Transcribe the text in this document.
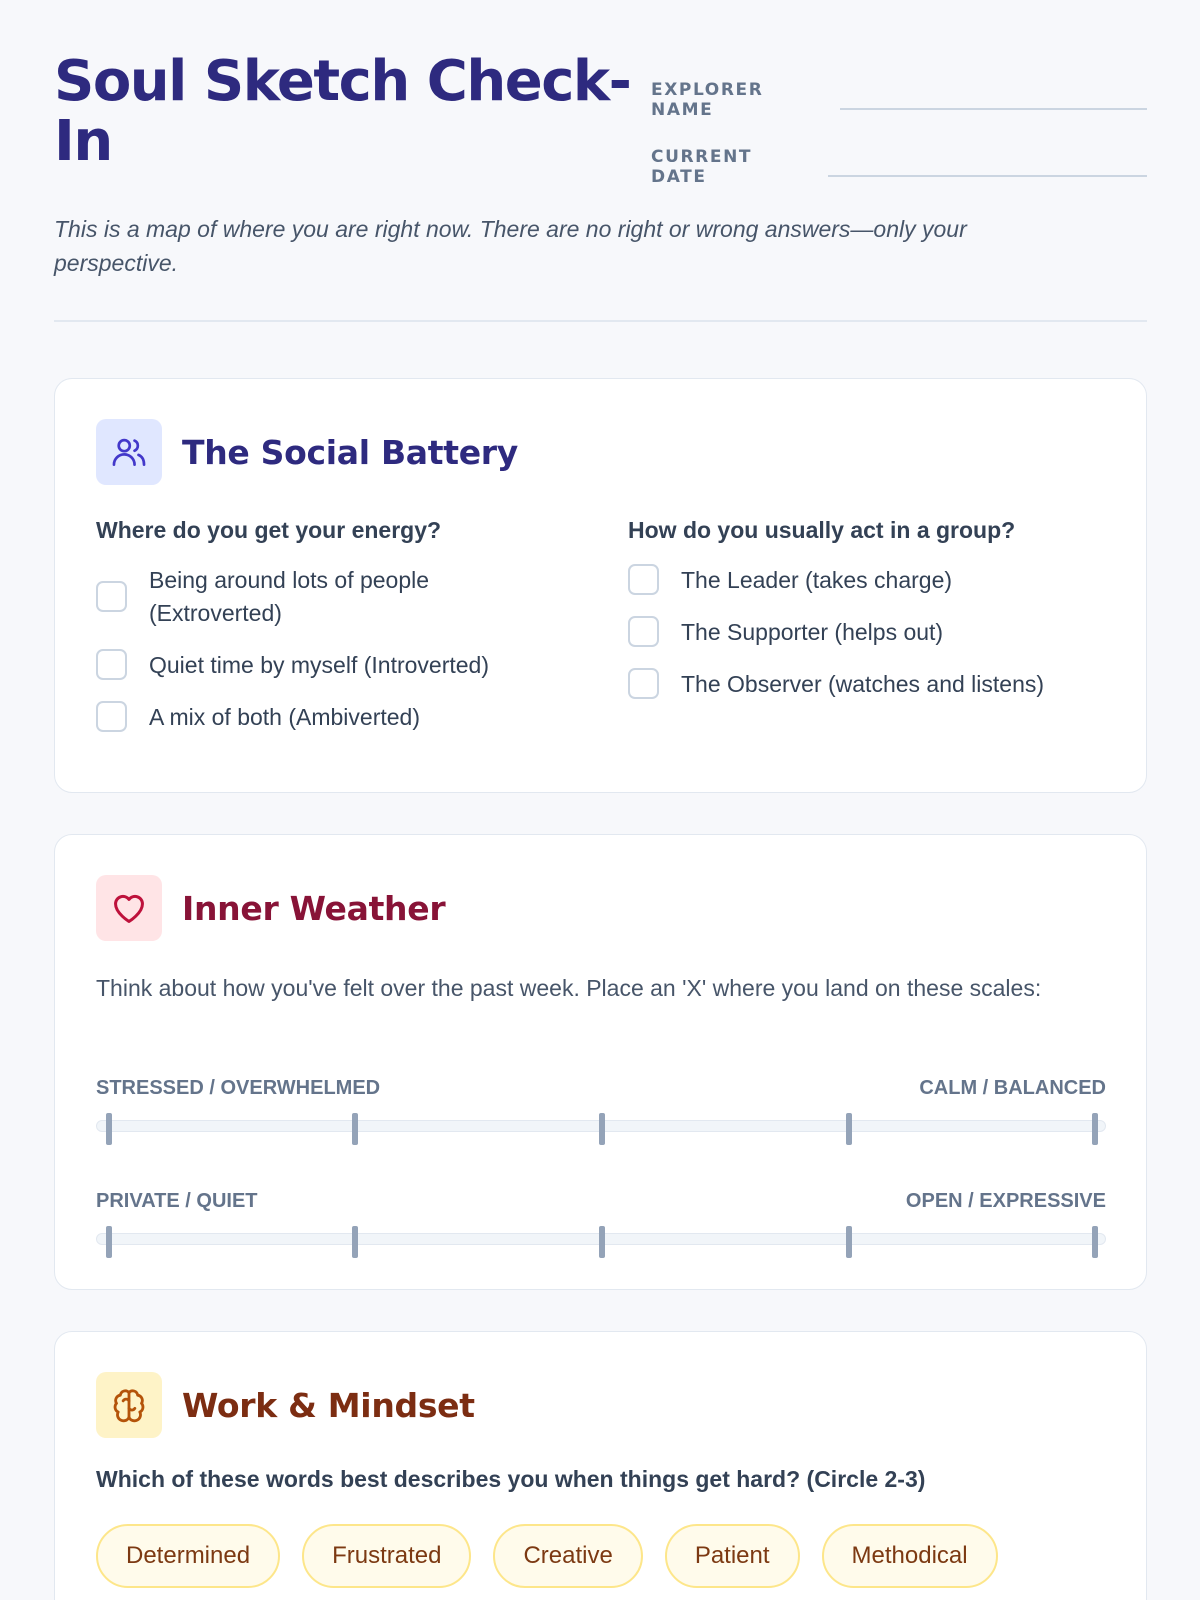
Soul Sketch Check-In
EXPLORER NAME
CURRENT DATE

This is a map of where you are right now. There are no right or wrong answers—only your perspective.

The Social Battery
Where do you get your energy?
Being around lots of people (Extroverted)
Quiet time by myself (Introverted)
A mix of both (Ambiverted)
How do you usually act in a group?
The Leader (takes charge)
The Supporter (helps out)
The Observer (watches and listens)
Inner Weather

Think about how you've felt over the past week. Place an 'X' where you land on these scales:

STRESSED / OVERWHELMED	CALM / BALANCED
PRIVATE / QUIET	OPEN / EXPRESSIVE
Work & Mindset
Which of these words best describes you when things get hard? (Circle 2-3)
Determined	Frustrated	Creative	Patient	Methodical
